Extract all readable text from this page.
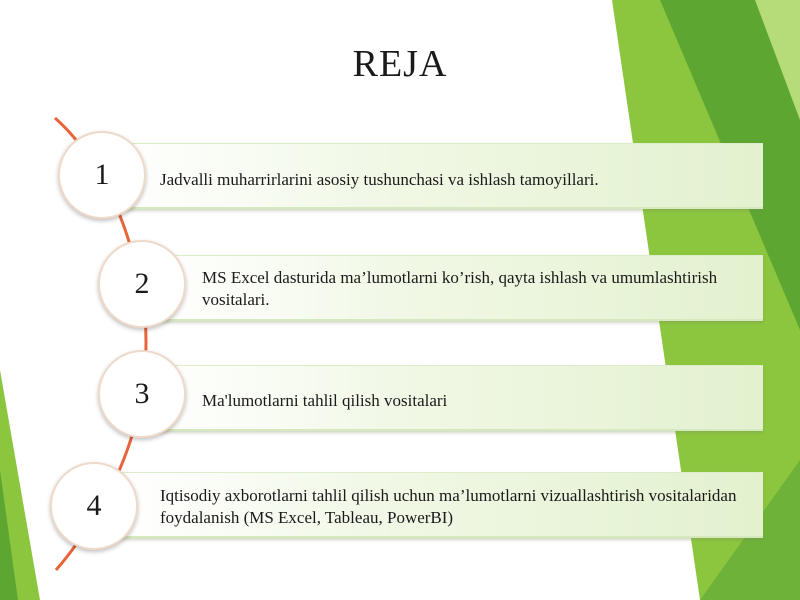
REJA
Jadvalli muharrirlarini asosiy tushunchasi va ishlash tamoyillari.
1
MS Excel dasturida ma’lumotlarni ko’rish, qayta ishlash va umumlashtirish vositalari.
2
Ma'lumotlarni tahlil qilish vositalari
3
Iqtisodiy axborotlarni tahlil qilish uchun ma’lumotlarni vizuallashtirish vositalaridan foydalanish (MS Excel, Tableau, PowerBI)
4
